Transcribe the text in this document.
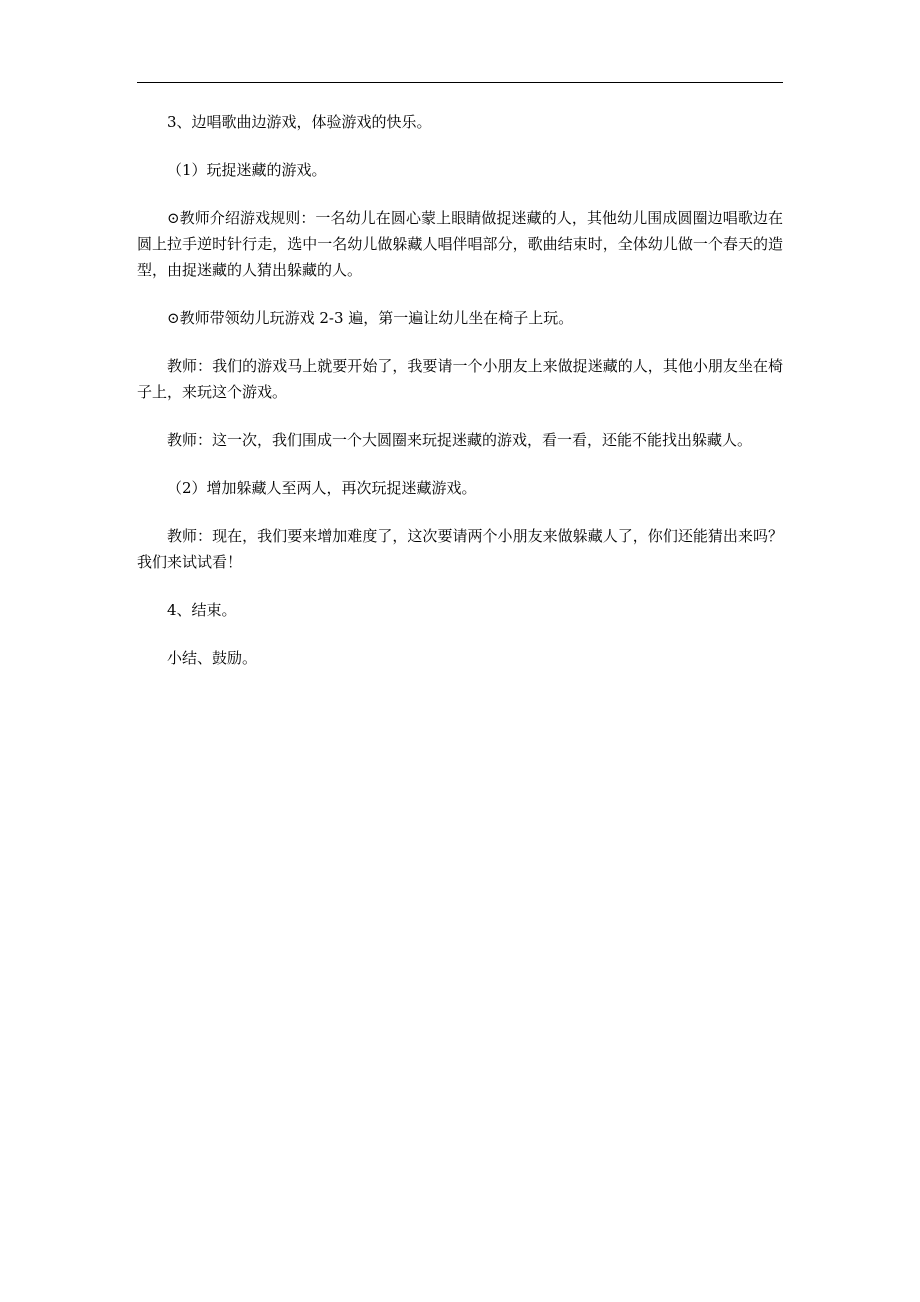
3、边唱歌曲边游戏，体验游戏的快乐。

（1）玩捉迷藏的游戏。

⊙教师介绍游戏规则：一名幼儿在圆心蒙上眼睛做捉迷藏的人，其他幼儿围成圆圈边唱歌边在圆上拉手逆时针行走，选中一名幼儿做躲藏人唱伴唱部分，歌曲结束时，全体幼儿做一个春天的造型，由捉迷藏的人猜出躲藏的人。

⊙教师带领幼儿玩游戏 2-3 遍，第一遍让幼儿坐在椅子上玩。

教师：我们的游戏马上就要开始了，我要请一个小朋友上来做捉迷藏的人，其他小朋友坐在椅子上，来玩这个游戏。

教师：这一次，我们围成一个大圆圈来玩捉迷藏的游戏，看一看，还能不能找出躲藏人。

（2）增加躲藏人至两人，再次玩捉迷藏游戏。

教师：现在，我们要来增加难度了，这次要请两个小朋友来做躲藏人了，你们还能猜出来吗？我们来试试看！

4、结束。

小结、鼓励。
